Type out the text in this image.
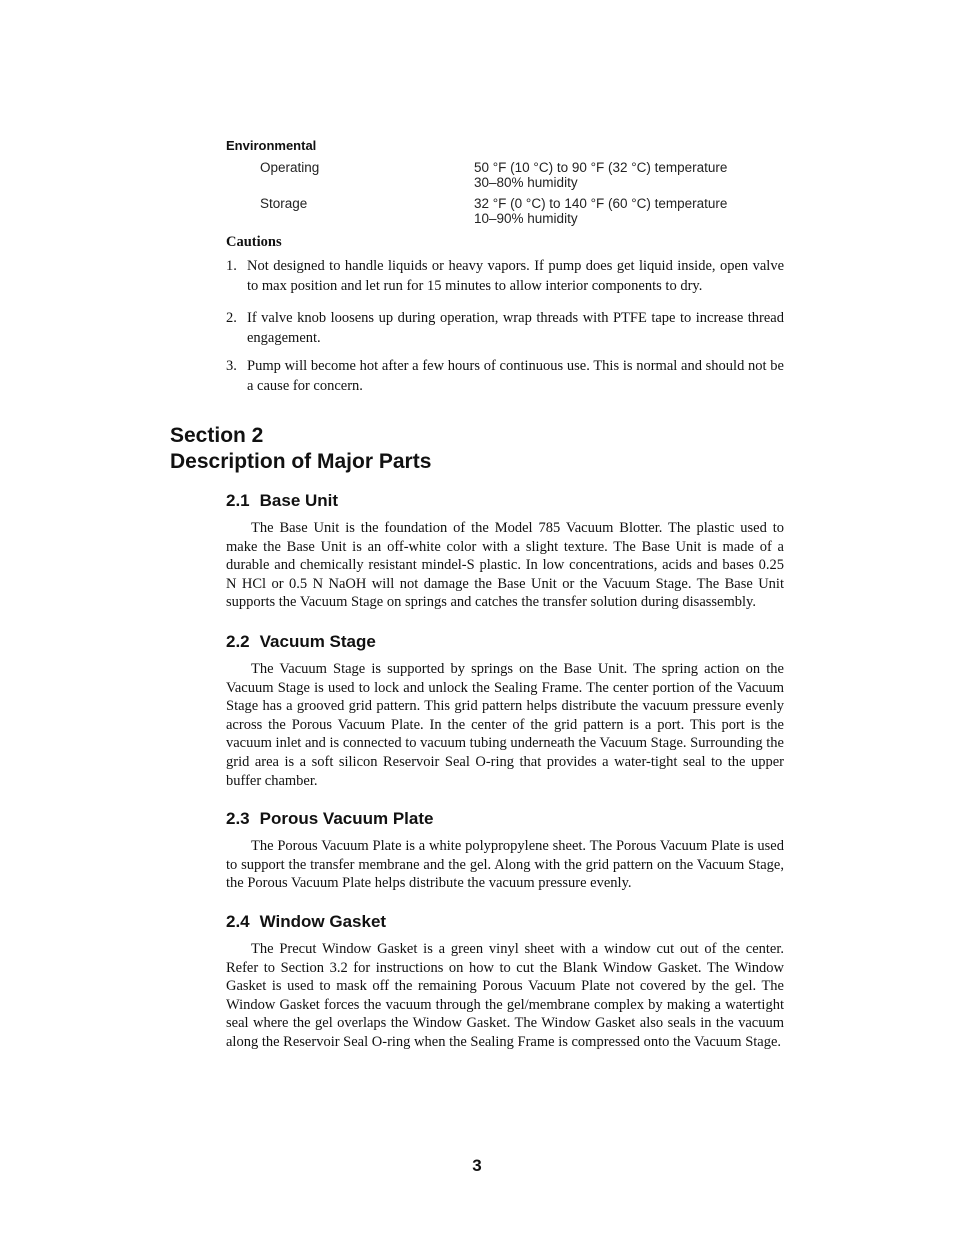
Environmental
Operating	50 °F (10 °C) to 90 °F (32 °C) temperature
30–80% humidity
Storage	32 °F (0 °C) to 140 °F (60 °C) temperature
10–90% humidity
Cautions
1. Not designed to handle liquids or heavy vapors. If pump does get liquid inside, open valve to max position and let run for 15 minutes to allow interior components to dry.
2. If valve knob loosens up during operation, wrap threads with PTFE tape to increase thread engagement.
3. Pump will become hot after a few hours of continuous use. This is normal and should not be a cause for concern.
Section 2
Description of Major Parts
2.1 Base Unit
The Base Unit is the foundation of the Model 785 Vacuum Blotter. The plastic used to make the Base Unit is an off-white color with a slight texture. The Base Unit is made of a durable and chemically resistant mindel-S plastic. In low concentrations, acids and bases 0.25 N HCl or 0.5 N NaOH will not damage the Base Unit or the Vacuum Stage. The Base Unit supports the Vacuum Stage on springs and catches the transfer solution during disassembly.
2.2 Vacuum Stage
The Vacuum Stage is supported by springs on the Base Unit. The spring action on the Vacuum Stage is used to lock and unlock the Sealing Frame. The center portion of the Vacuum Stage has a grooved grid pattern. This grid pattern helps distribute the vacuum pressure evenly across the Porous Vacuum Plate. In the center of the grid pattern is a port. This port is the vacuum inlet and is connected to vacuum tubing underneath the Vacuum Stage. Surrounding the grid area is a soft silicon Reservoir Seal O-ring that provides a water-tight seal to the upper buffer chamber.
2.3 Porous Vacuum Plate
The Porous Vacuum Plate is a white polypropylene sheet. The Porous Vacuum Plate is used to support the transfer membrane and the gel. Along with the grid pattern on the Vacuum Stage, the Porous Vacuum Plate helps distribute the vacuum pressure evenly.
2.4 Window Gasket
The Precut Window Gasket is a green vinyl sheet with a window cut out of the center. Refer to Section 3.2 for instructions on how to cut the Blank Window Gasket. The Window Gasket is used to mask off the remaining Porous Vacuum Plate not covered by the gel. The Window Gasket forces the vacuum through the gel/membrane complex by making a watertight seal where the gel overlaps the Window Gasket. The Window Gasket also seals in the vacuum along the Reservoir Seal O-ring when the Sealing Frame is compressed onto the Vacuum Stage.
3
